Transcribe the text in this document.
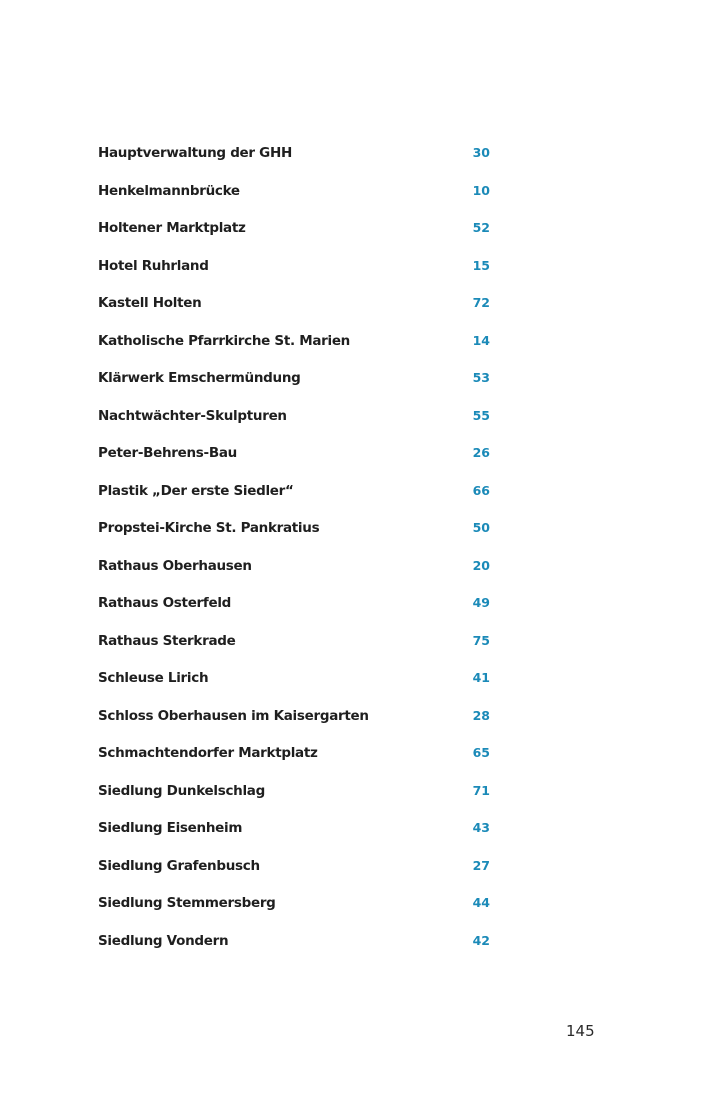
Hauptverwaltung der GHH	30
Henkelmannbrücke	10
Holtener Marktplatz	52
Hotel Ruhrland	15
Kastell Holten	72
Katholische Pfarrkirche St. Marien	14
Klärwerk Emschermündung	53
Nachtwächter-Skulpturen	55
Peter-Behrens-Bau	26
Plastik „Der erste Siedler“	66
Propstei-Kirche St. Pankratius	50
Rathaus Oberhausen	20
Rathaus Osterfeld	49
Rathaus Sterkrade	75
Schleuse Lirich	41
Schloss Oberhausen im Kaisergarten	28
Schmachtendorfer Marktplatz	65
Siedlung Dunkelschlag	71
Siedlung Eisenheim	43
Siedlung Grafenbusch	27
Siedlung Stemmersberg	44
Siedlung Vondern	42
145
